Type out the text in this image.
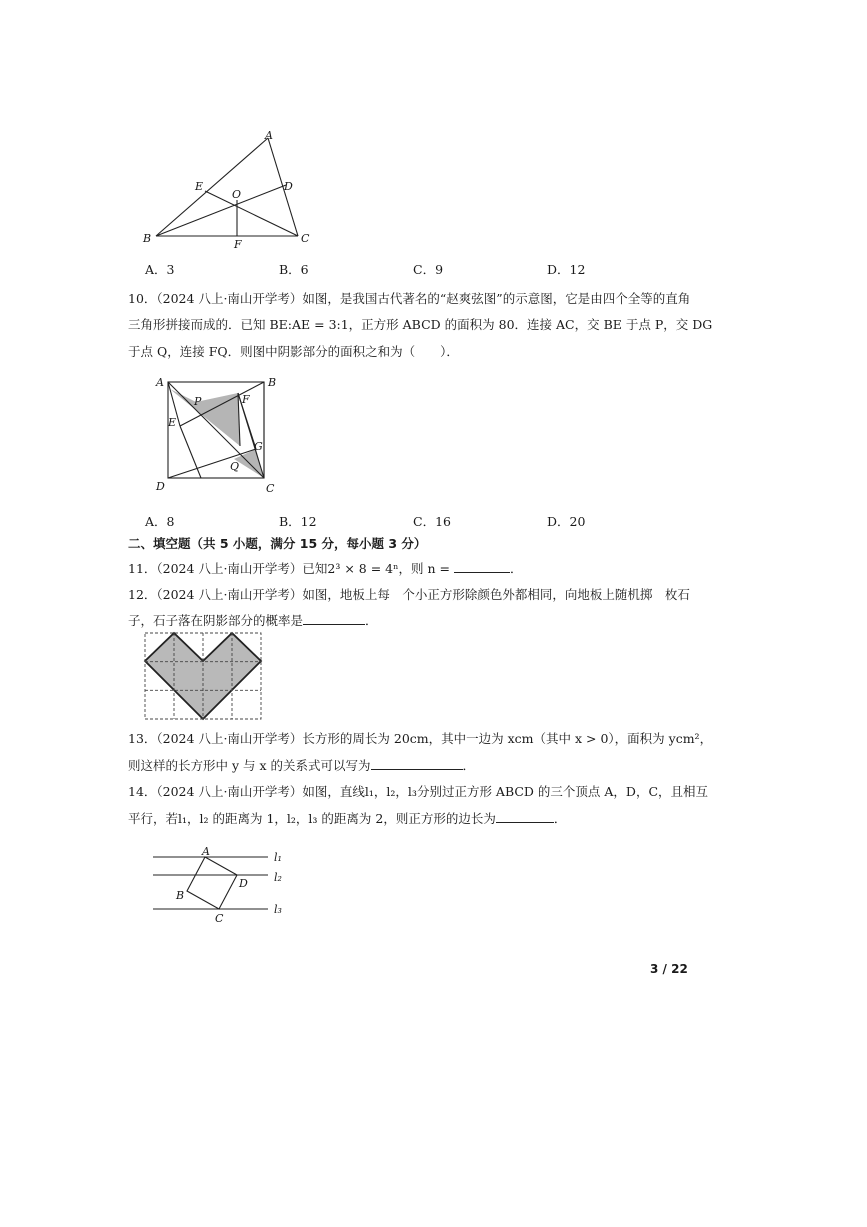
A
B	C
D
E
O
F
A．3	B．6	C．9	D．12
10．（2024 八上·南山开学考）如图，是我国古代著名的“赵爽弦图”的示意图，它是由四个全等的直角
三角形拼接而成的．已知 BE:AE = 3:1，正方形 ABCD 的面积为 80．连接 AC，交 BE 于点 P，交 DG
于点 Q，连接 FQ．则图中阴影部分的面积之和为（　　）．
A	B
C
D
E
F
G
P
Q
A．8	B．12	C．16	D．20
二、填空题（共 5 小题，满分 15 分，每小题 3 分）
11．（2024 八上·南山开学考）已知2³ × 8 = 4ⁿ，则 n =	．
12．（2024 八上·南山开学考）如图，地板上每　个小正方形除颜色外都相同，向地板上随机掷　枚石
子，石子落在阴影部分的概率是	．
13．（2024 八上·南山开学考）长方形的周长为 20cm，其中一边为 xcm（其中 x > 0），面积为 ycm²，
则这样的长方形中 y 与 x 的关系式可以写为	．
14．（2024 八上·南山开学考）如图，直线l₁，l₂，l₃分别过正方形 ABCD 的三个顶点 A，D，C，且相互
平行，若l₁，l₂ 的距离为 1，l₂，l₃ 的距离为 2，则正方形的边长为	．
A
B
C
D
l₁
l₂
l₃
3 / 22
